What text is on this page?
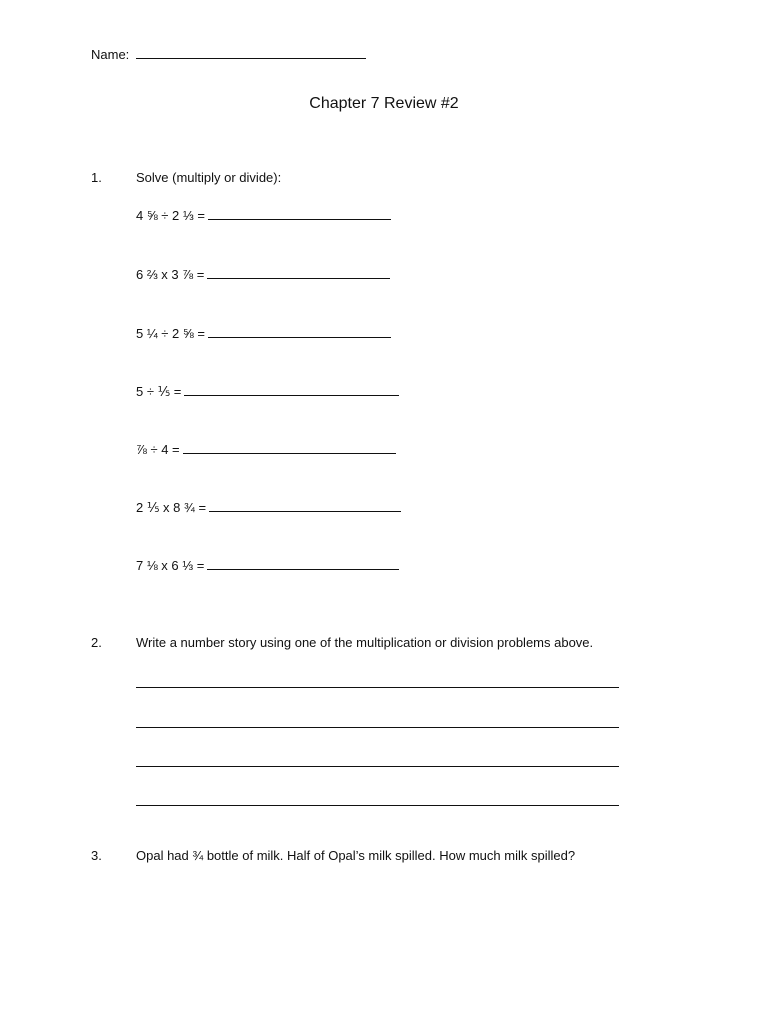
Name:
Chapter 7 Review #2
1.	Solve (multiply or divide):
4 ⅝ ÷ 2 ⅓ =
6 ⅔ x 3 ⅞ =
5 ¼ ÷ 2 ⅝ =
5 ÷ ⅕ =
⅞ ÷ 4 =
2 ⅕ x 8 ¾ =
7 ⅛ x 6 ⅓ =
2.	Write a number story using one of the multiplication or division problems above.
3.	Opal had ¾ bottle of milk. Half of Opal’s milk spilled. How much milk spilled?
